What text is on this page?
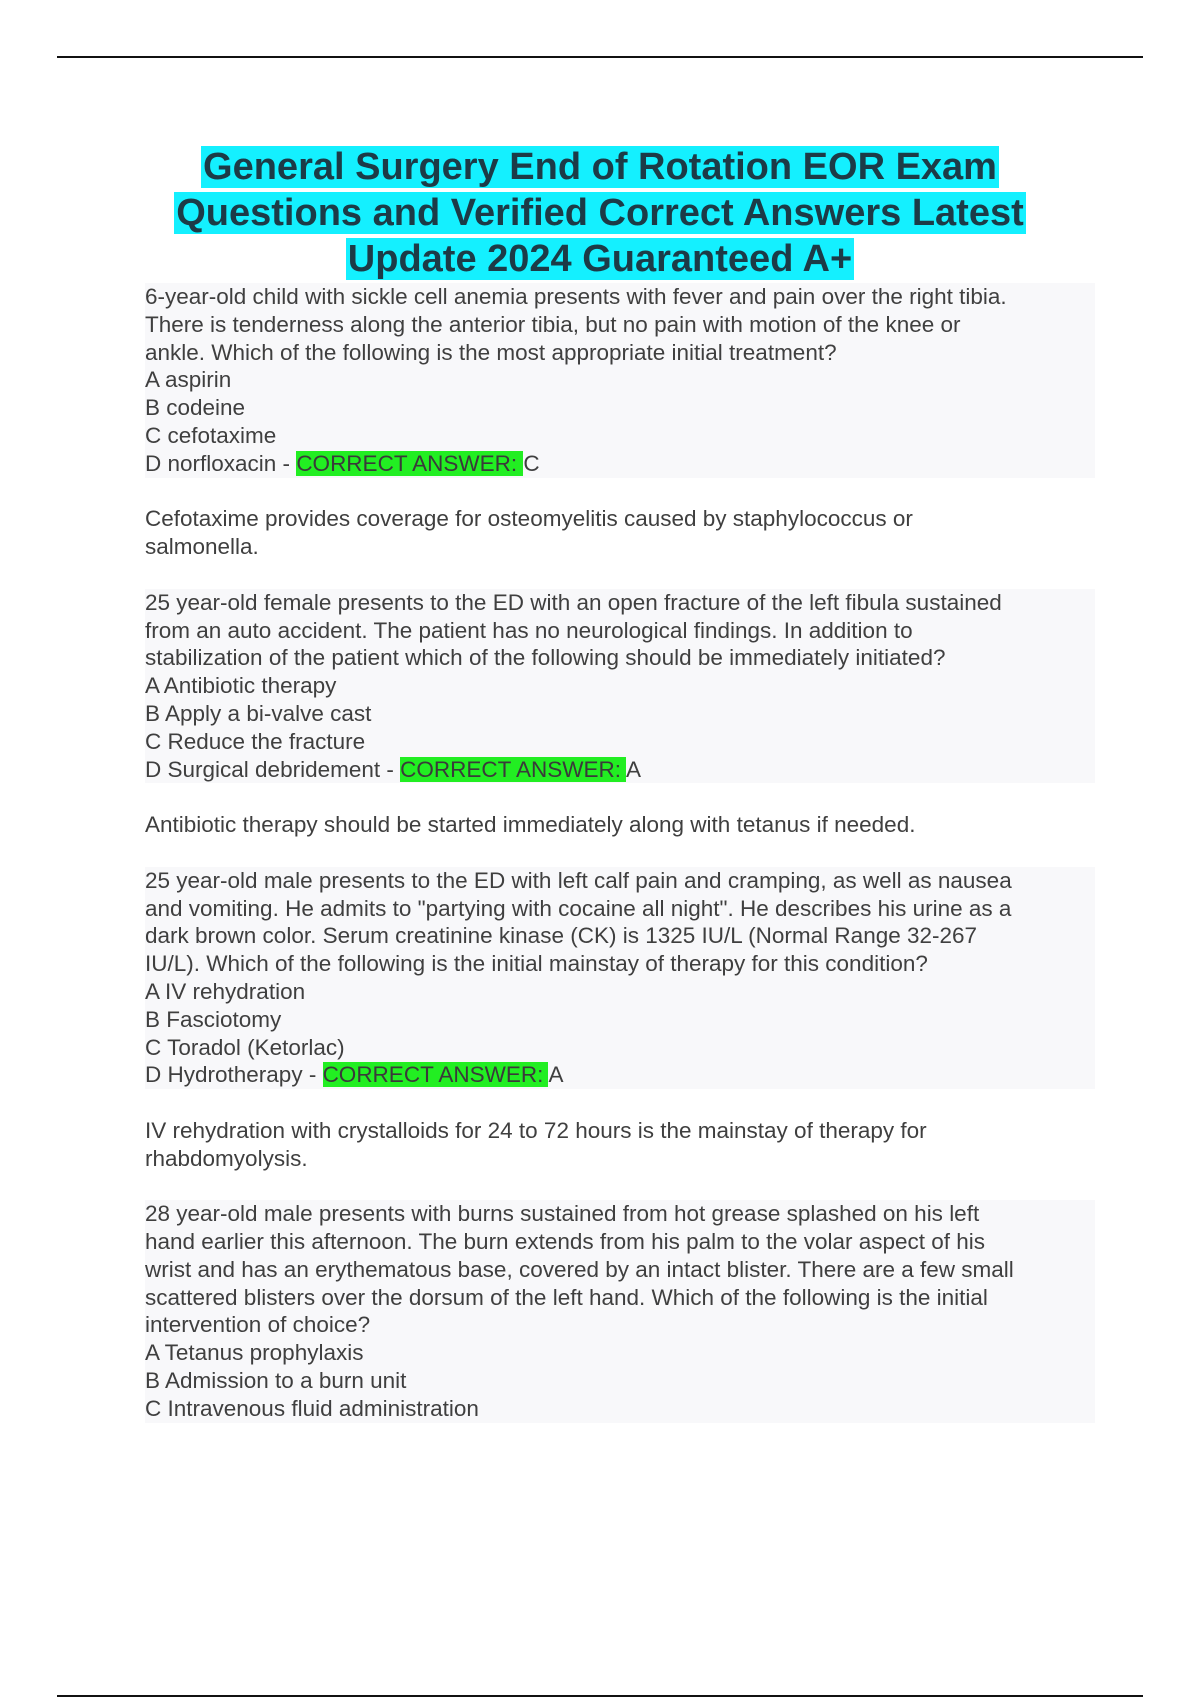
General Surgery End of Rotation EOR Exam
Questions and Verified Correct Answers Latest
Update 2024 Guaranteed A+
6-year-old child with sickle cell anemia presents with fever and pain over the right tibia.
There is tenderness along the anterior tibia, but no pain with motion of the knee or
ankle. Which of the following is the most appropriate initial treatment?
A aspirin
B codeine
C cefotaxime
D norfloxacin - CORRECT ANSWER: C
Cefotaxime provides coverage for osteomyelitis caused by staphylococcus or
salmonella.
25 year-old female presents to the ED with an open fracture of the left fibula sustained
from an auto accident. The patient has no neurological findings. In addition to
stabilization of the patient which of the following should be immediately initiated?
A Antibiotic therapy
B Apply a bi-valve cast
C Reduce the fracture
D Surgical debridement - CORRECT ANSWER: A
Antibiotic therapy should be started immediately along with tetanus if needed.
25 year-old male presents to the ED with left calf pain and cramping, as well as nausea
and vomiting. He admits to "partying with cocaine all night". He describes his urine as a
dark brown color. Serum creatinine kinase (CK) is 1325 IU/L (Normal Range 32-267
IU/L). Which of the following is the initial mainstay of therapy for this condition?
A IV rehydration
B Fasciotomy
C Toradol (Ketorlac)
D Hydrotherapy - CORRECT ANSWER: A
IV rehydration with crystalloids for 24 to 72 hours is the mainstay of therapy for
rhabdomyolysis.
28 year-old male presents with burns sustained from hot grease splashed on his left
hand earlier this afternoon. The burn extends from his palm to the volar aspect of his
wrist and has an erythematous base, covered by an intact blister. There are a few small
scattered blisters over the dorsum of the left hand. Which of the following is the initial
intervention of choice?
A Tetanus prophylaxis
B Admission to a burn unit
C Intravenous fluid administration
